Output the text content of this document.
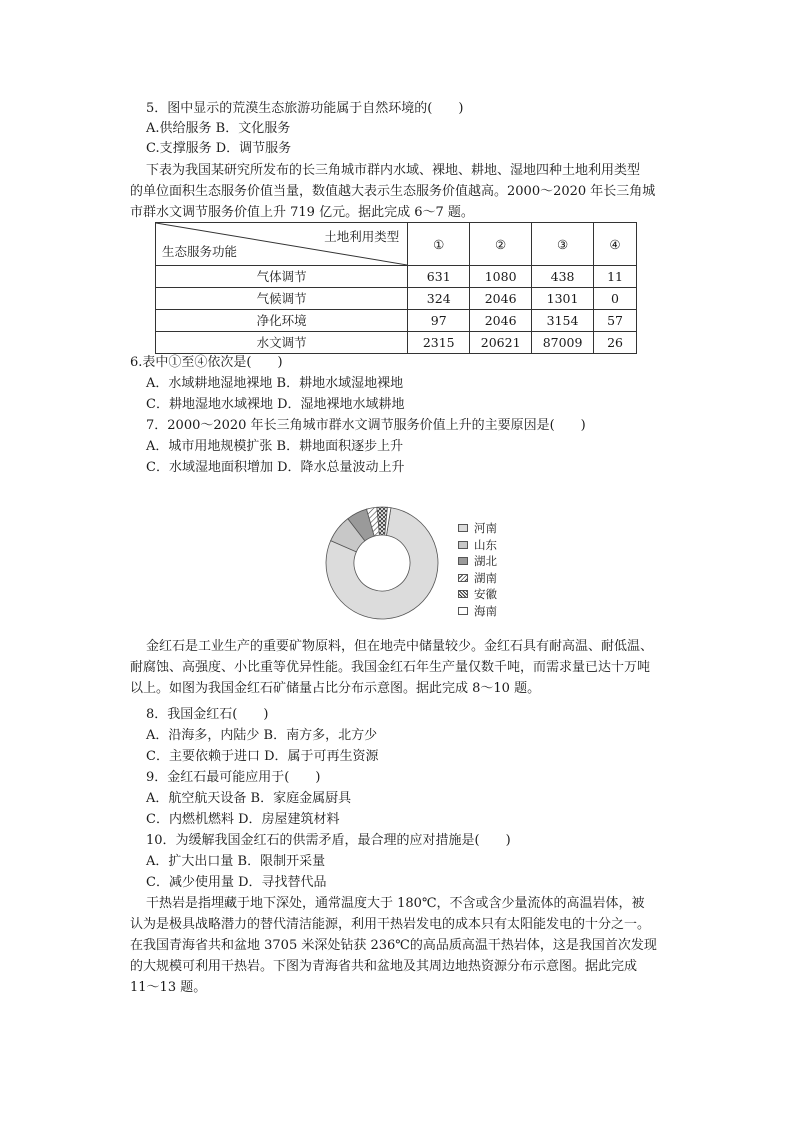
5．图中显示的荒漠生态旅游功能属于自然环境的(　　)
A.供给服务 B．文化服务
C.支撑服务 D．调节服务
下表为我国某研究所发布的长三角城市群内水域、裸地、耕地、湿地四种土地利用类型
的单位面积生态服务价值当量，数值越大表示生态服务价值越高。2000～2020 年长三角城
市群水文调节服务价值上升 719 亿元。据此完成 6～7 题。
土地利用类型
生态服务功能	①	②	③	④
气体调节	631	1080	438	11
气候调节	324	2046	1301	0
净化环境	97	2046	3154	57
水文调节	2315	20621	87009	26
6.表中①至④依次是(　　)
A．水域耕地湿地裸地 B．耕地水域湿地裸地
C．耕地湿地水域裸地 D．湿地裸地水域耕地
7．2000～2020 年长三角城市群水文调节服务价值上升的主要原因是(　　)
A．城市用地规模扩张 B．耕地面积逐步上升
C．水域湿地面积增加 D．降水总量波动上升
河南
山东
湖北
湖南
安徽
海南
金红石是工业生产的重要矿物原料，但在地壳中储量较少。金红石具有耐高温、耐低温、
耐腐蚀、高强度、小比重等优异性能。我国金红石年生产量仅数千吨，而需求量已达十万吨
以上。如图为我国金红石矿储量占比分布示意图。据此完成 8～10 题。
8．我国金红石(　　)
A．沿海多，内陆少 B．南方多，北方少
C．主要依赖于进口 D．属于可再生资源
9．金红石最可能应用于(　　)
A．航空航天设备 B．家庭金属厨具
C．内燃机燃料 D．房屋建筑材料
10．为缓解我国金红石的供需矛盾，最合理的应对措施是(　　)
A．扩大出口量 B．限制开采量
C．减少使用量 D．寻找替代品
干热岩是指埋藏于地下深处，通常温度大于 180℃，不含或含少量流体的高温岩体，被
认为是极具战略潜力的替代清洁能源，利用干热岩发电的成本只有太阳能发电的十分之一。
在我国青海省共和盆地 3705 米深处钻获 236℃的高品质高温干热岩体，这是我国首次发现
的大规模可利用干热岩。下图为青海省共和盆地及其周边地热资源分布示意图。据此完成
11～13 题。
